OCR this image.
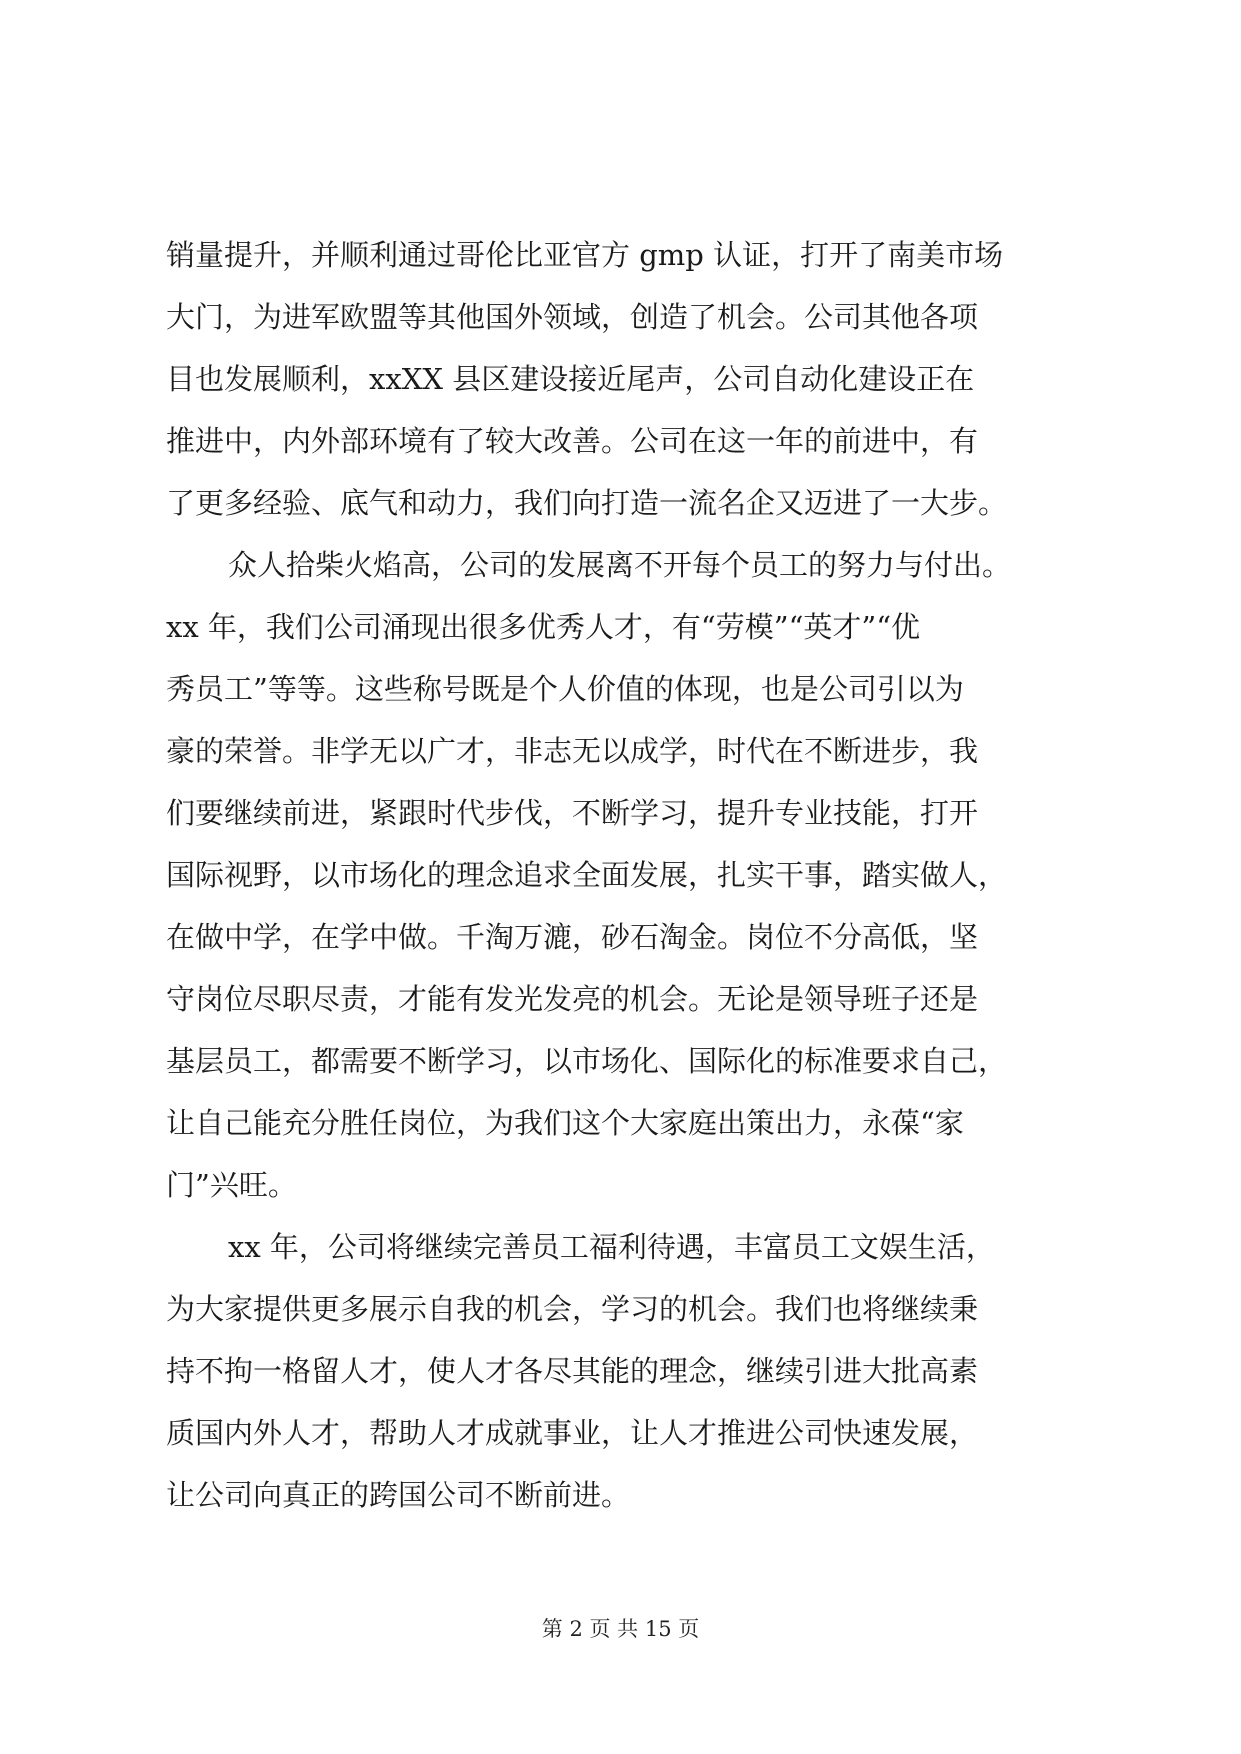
销量提升，并顺利通过哥伦比亚官方 gmp 认证，打开了南美市场
大门，为进军欧盟等其他国外领域，创造了机会。公司其他各项
目也发展顺利，xxXX 县区建设接近尾声，公司自动化建设正在
推进中，内外部环境有了较大改善。公司在这一年的前进中，有
了更多经验、底气和动力，我们向打造一流名企又迈进了一大步。
众人拾柴火焰高，公司的发展离不开每个员工的努力与付出。
xx 年，我们公司涌现出很多优秀人才，有“劳模”“英才”“优
秀员工”等等。这些称号既是个人价值的体现，也是公司引以为
豪的荣誉。非学无以广才，非志无以成学，时代在不断进步，我
们要继续前进，紧跟时代步伐，不断学习，提升专业技能，打开
国际视野，以市场化的理念追求全面发展，扎实干事，踏实做人，
在做中学，在学中做。千淘万漉，砂石淘金。岗位不分高低，坚
守岗位尽职尽责，才能有发光发亮的机会。无论是领导班子还是
基层员工，都需要不断学习，以市场化、国际化的标准要求自己，
让自己能充分胜任岗位，为我们这个大家庭出策出力，永葆“家
门”兴旺。
xx 年，公司将继续完善员工福利待遇，丰富员工文娱生活，
为大家提供更多展示自我的机会，学习的机会。我们也将继续秉
持不拘一格留人才，使人才各尽其能的理念，继续引进大批高素
质国内外人才，帮助人才成就事业，让人才推进公司快速发展，
让公司向真正的跨国公司不断前进。
第 2 页 共 15 页
